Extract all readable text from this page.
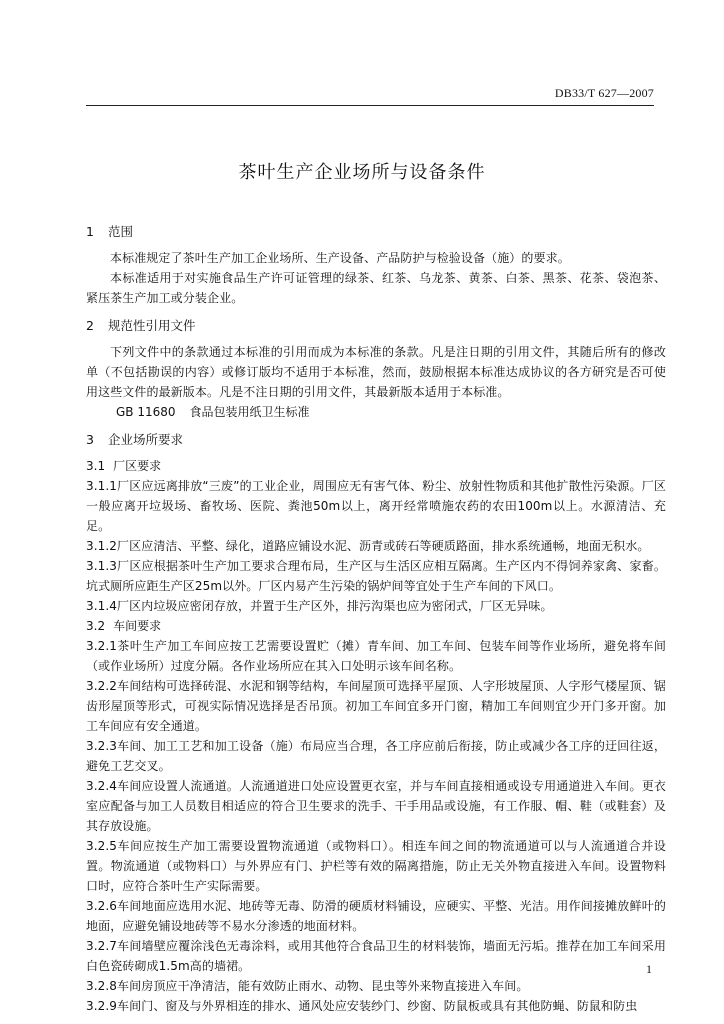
DB33/T 627—2007
茶叶生产企业场所与设备条件
1 范围

本标准规定了茶叶生产加工企业场所、生产设备、产品防护与检验设备（施）的要求。

本标准适用于对实施食品生产许可证管理的绿茶、红茶、乌龙茶、黄茶、白茶、黑茶、花茶、袋泡茶、紧压茶生产加工或分装企业。

2 规范性引用文件

下列文件中的条款通过本标准的引用而成为本标准的条款。凡是注日期的引用文件，其随后所有的修改单（不包括勘误的内容）或修订版均不适用于本标准，然而，鼓励根据本标准达成协议的各方研究是否可使用这些文件的最新版本。凡是不注日期的引用文件，其最新版本适用于本标准。

GB 11680 食品包装用纸卫生标准

3 企业场所要求
3.1 厂区要求

3.1.1厂区应远离排放“三废”的工业企业，周围应无有害气体、粉尘、放射性物质和其他扩散性污染源。厂区一般应离开垃圾场、畜牧场、医院、粪池50m以上，离开经常喷施农药的农田100m以上。水源清洁、充足。

3.1.2厂区应清洁、平整、绿化，道路应铺设水泥、沥青或砖石等硬质路面，排水系统通畅，地面无积水。

3.1.3厂区应根据茶叶生产加工要求合理布局，生产区与生活区应相互隔离。生产区内不得饲养家禽、家畜。坑式厕所应距生产区25m以外。厂区内易产生污染的锅炉间等宜处于生产车间的下风口。

3.1.4厂区内垃圾应密闭存放，并置于生产区外，排污沟渠也应为密闭式，厂区无异味。

3.2 车间要求

3.2.1茶叶生产加工车间应按工艺需要设置贮（摊）青车间、加工车间、包装车间等作业场所，避免将车间（或作业场所）过度分隔。各作业场所应在其入口处明示该车间名称。

3.2.2车间结构可选择砖混、水泥和钢等结构，车间屋顶可选择平屋顶、人字形坡屋顶、人字形气楼屋顶、锯齿形屋顶等形式，可视实际情况选择是否吊顶。初加工车间宜多开门窗，精加工车间则宜少开门多开窗。加工车间应有安全通道。

3.2.3车间、加工工艺和加工设备（施）布局应当合理，各工序应前后衔接，防止或减少各工序的迂回往返，避免工艺交叉。

3.2.4车间应设置人流通道。人流通道进口处应设置更衣室，并与车间直接相通或设专用通道进入车间。更衣室应配备与加工人员数目相适应的符合卫生要求的洗手、干手用品或设施，有工作服、帽、鞋（或鞋套）及其存放设施。

3.2.5车间应按生产加工需要设置物流通道（或物料口）。相连车间之间的物流通道可以与人流通道合并设置。物流通道（或物料口）与外界应有门、护栏等有效的隔离措施，防止无关外物直接进入车间。设置物料口时，应符合茶叶生产实际需要。

3.2.6车间地面应选用水泥、地砖等无毒、防滑的硬质材料铺设，应硬实、平整、光洁。用作间接摊放鲜叶的地面，应避免铺设地砖等不易水分渗透的地面材料。

3.2.7车间墙壁应覆涂浅色无毒涂料，或用其他符合食品卫生的材料装饰，墙面无污垢。推荐在加工车间采用白色瓷砖砌成1.5m高的墙裙。

3.2.8车间房顶应干净清洁，能有效防止雨水、动物、昆虫等外来物直接进入车间。

3.2.9车间门、窗及与外界相连的排水、通风处应安装纱门、纱窗、防鼠板或具有其他防蝇、防鼠和防虫

1
